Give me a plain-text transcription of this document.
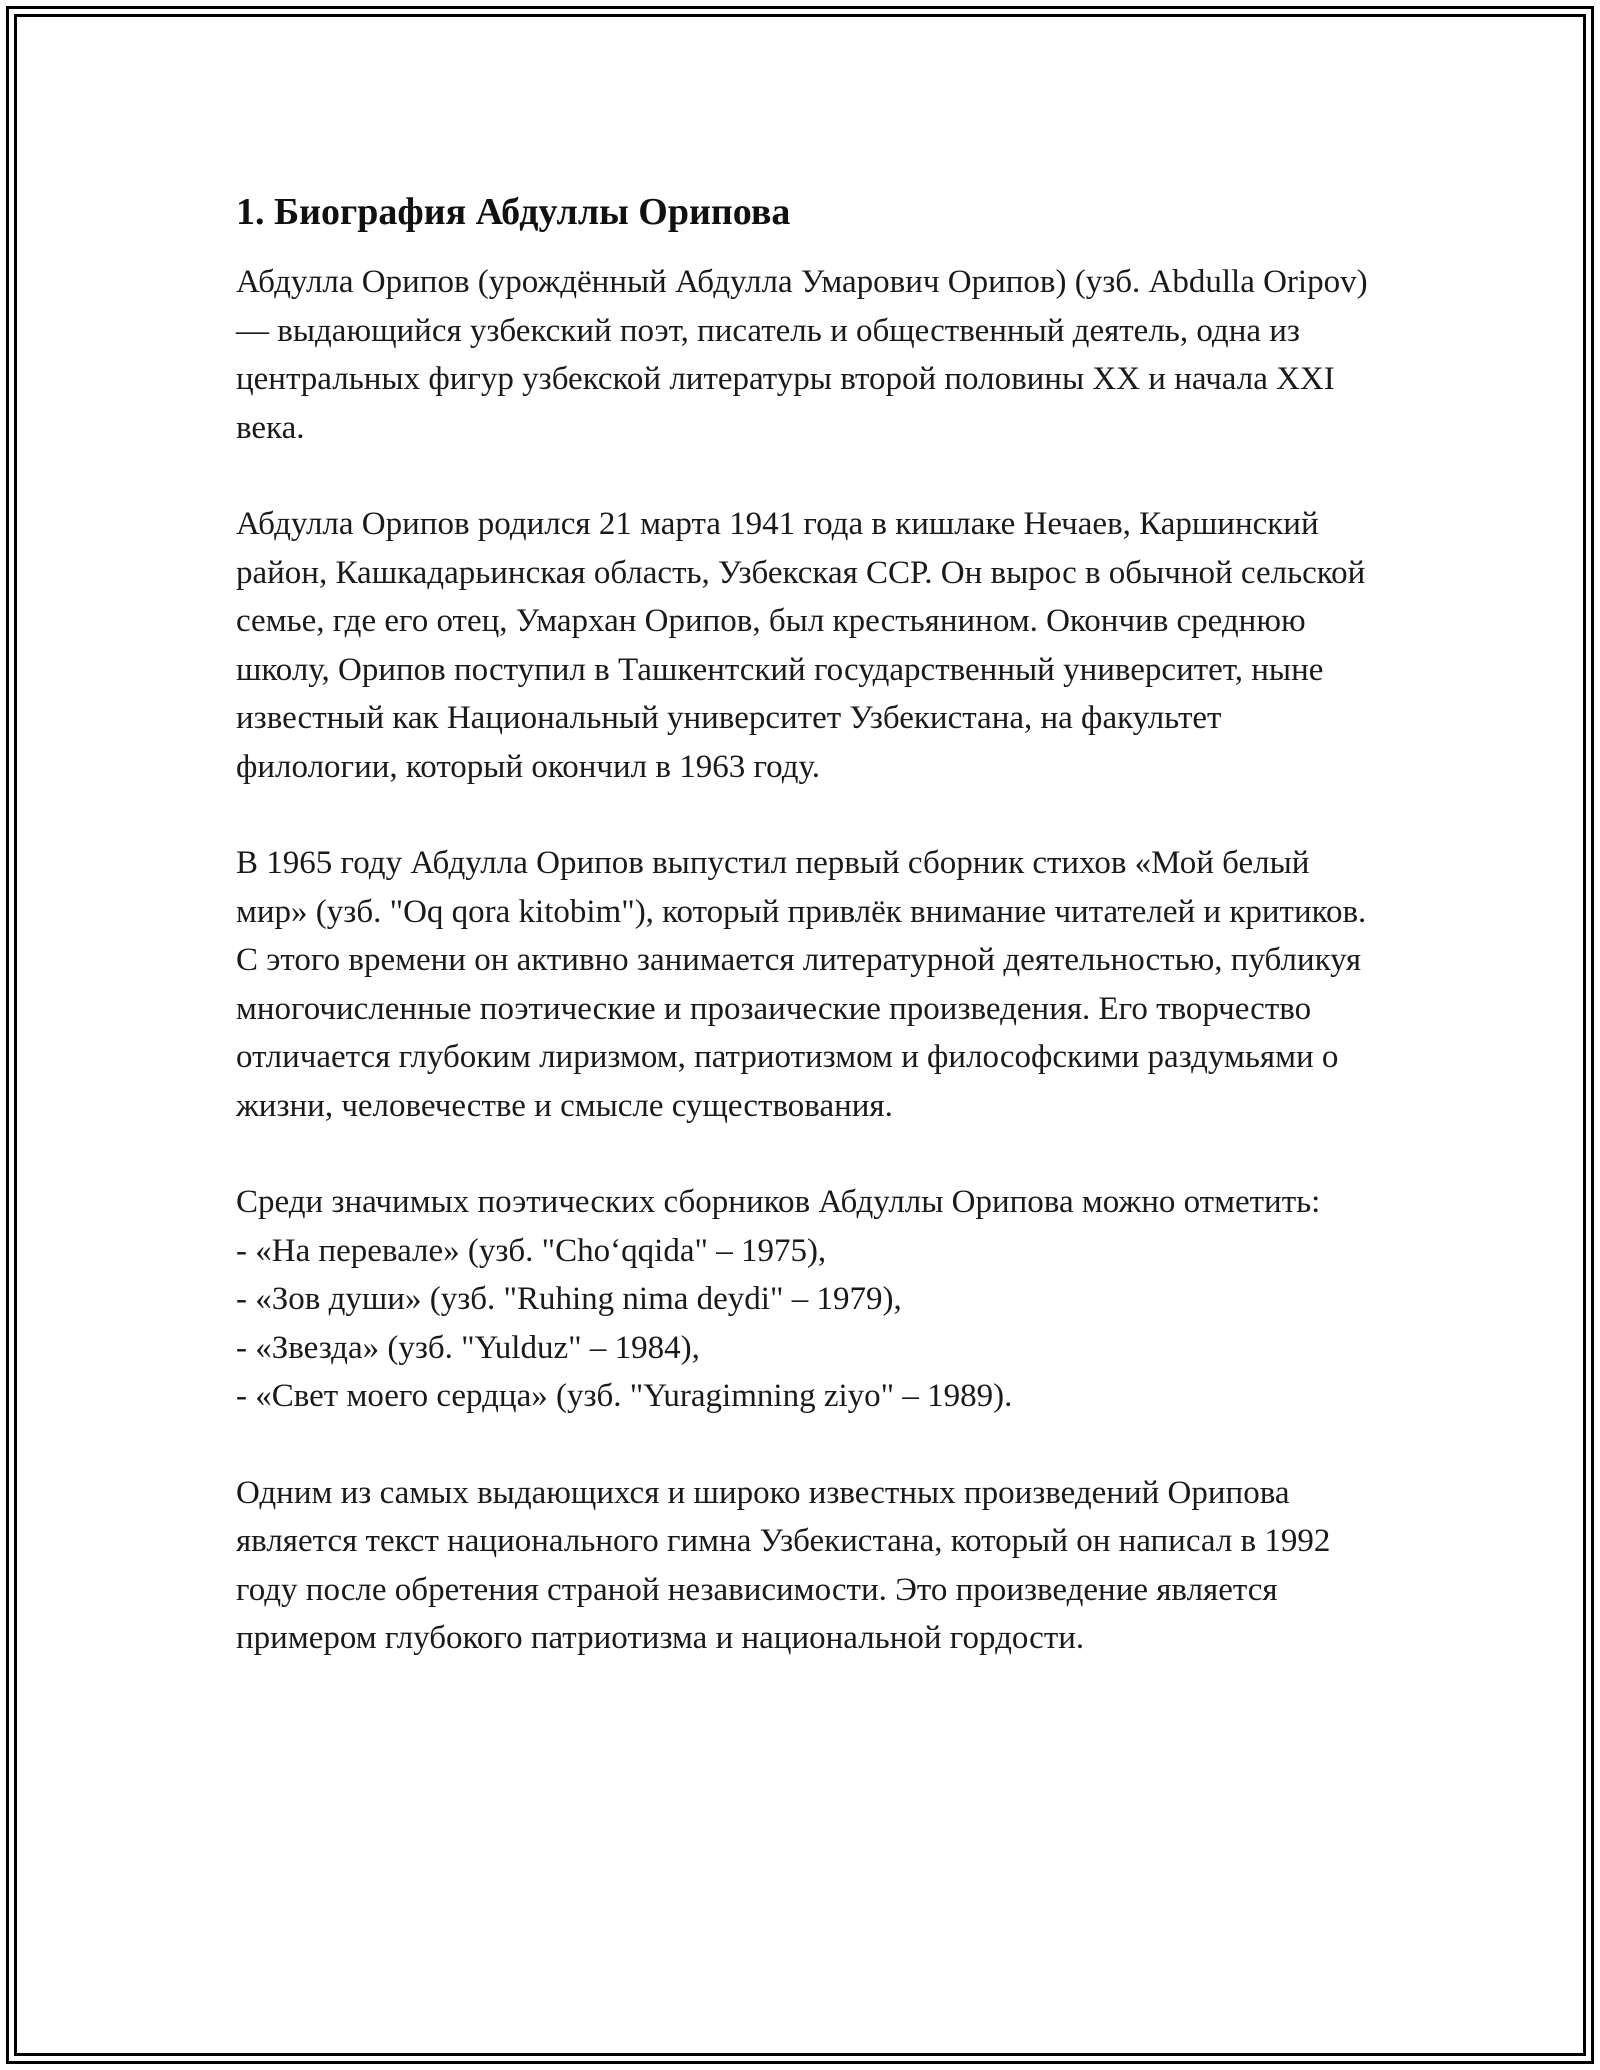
1. Биография Абдуллы Орипова

Абдулла Орипов (урождённый Абдулла Умарович Орипов) (узб. Abdulla Oripov) — выдающийся узбекский поэт, писатель и общественный деятель, одна из центральных фигур узбекской литературы второй половины XX и начала XXI века.

Абдулла Орипов родился 21 марта 1941 года в кишлаке Нечаев, Каршинский район, Кашкадарьинская область, Узбекская ССР. Он вырос в обычной сельской семье, где его отец, Умархан Орипов, был крестьянином. Окончив среднюю школу, Орипов поступил в Ташкентский государственный университет, ныне известный как Национальный университет Узбекистана, на факультет филологии, который окончил в 1963 году.

В 1965 году Абдулла Орипов выпустил первый сборник стихов «Мой белый мир» (узб. "Oq qora kitobim"), который привлёк внимание читателей и критиков. С этого времени он активно занимается литературной деятельностью, публикуя многочисленные поэтические и прозаические произведения. Его творчество отличается глубоким лиризмом, патриотизмом и философскими раздумьями о жизни, человечестве и смысле существования.

Среди значимых поэтических сборников Абдуллы Орипова можно отметить:

- «На перевале» (узб. "Choʻqqida" – 1975),
- «Зов души» (узб. "Ruhing nima deydi" – 1979),
- «Звезда» (узб. "Yulduz" – 1984),
- «Свет моего сердца» (узб. "Yuragimning ziyo" – 1989).

Одним из самых выдающихся и широко известных произведений Орипова является текст национального гимна Узбекистана, который он написал в 1992 году после обретения страной независимости. Это произведение является примером глубокого патриотизма и национальной гордости.
